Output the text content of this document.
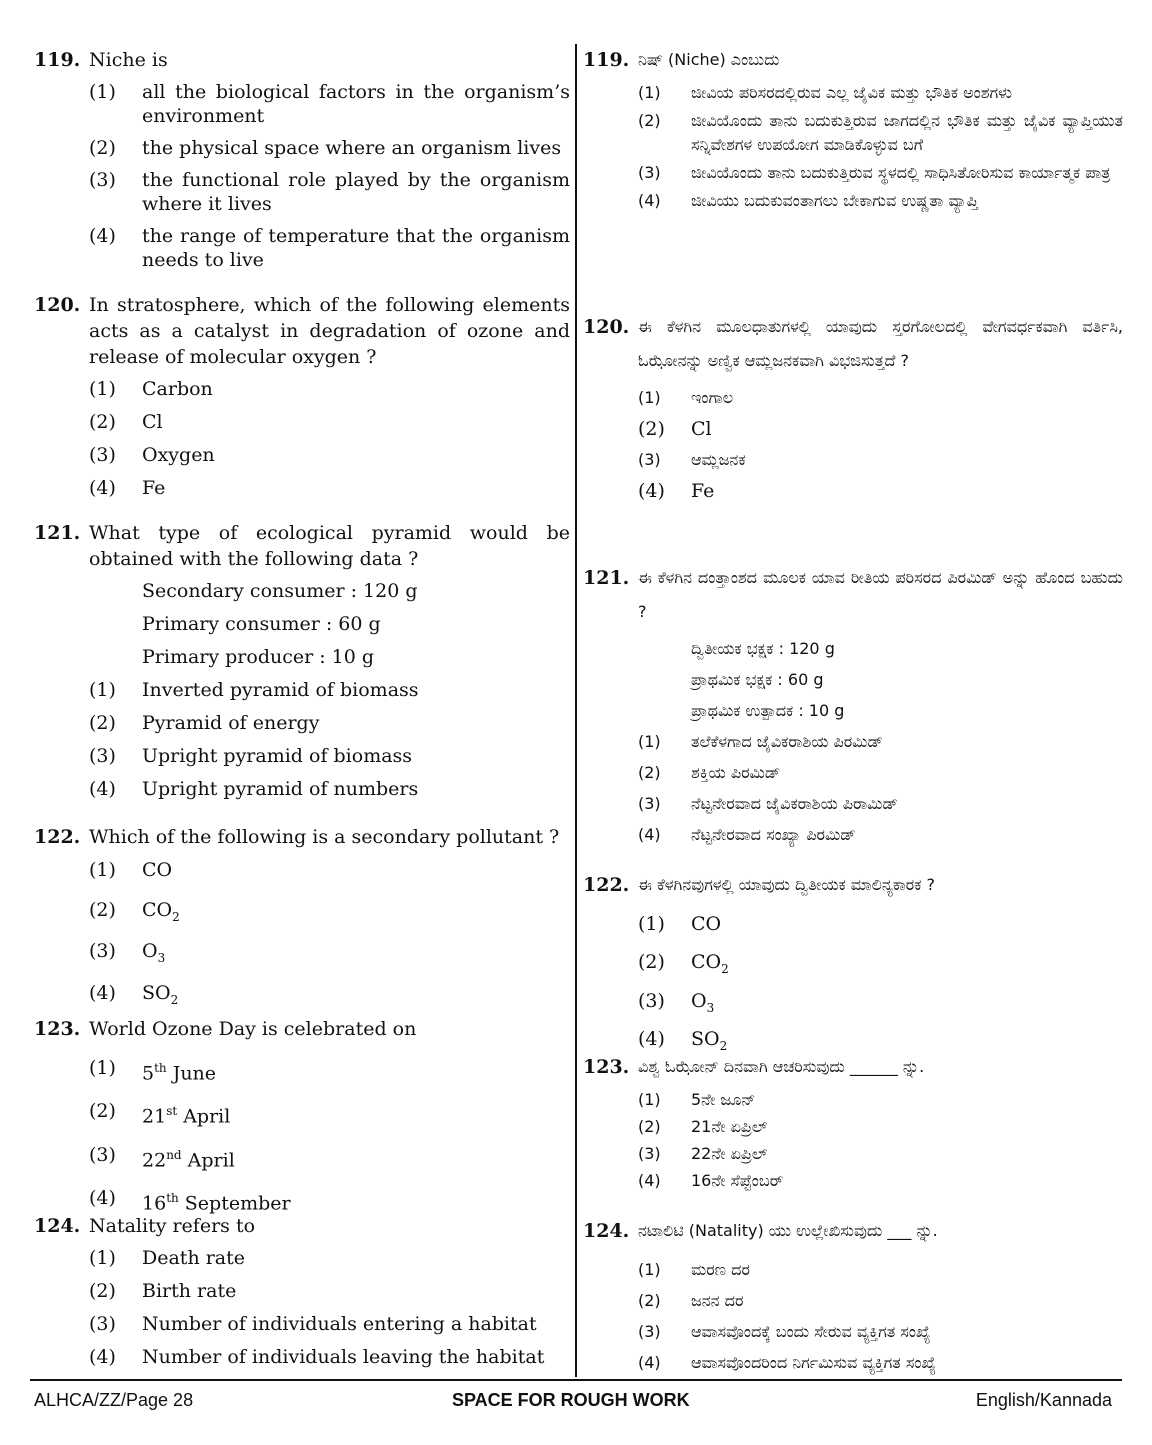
119. Niche is
(1)	all the biological factors in the organism’s environment
(2)	the physical space where an organism lives
(3)	the functional role played by the organism where it lives
(4)	the range of temperature that the organism needs to live
120. In stratosphere, which of the following elements acts as a catalyst in degradation of ozone and release of molecular oxygen ?
(1)	Carbon
(2)	Cl
(3)	Oxygen
(4)	Fe
121. What type of ecological pyramid would be obtained with the following data ?
Secondary consumer : 120 g
Primary consumer : 60 g
Primary producer : 10 g
(1)	Inverted pyramid of biomass
(2)	Pyramid of energy
(3)	Upright pyramid of biomass
(4)	Upright pyramid of numbers
122. Which of the following is a secondary pollutant ?
(1)	CO
(2)	$CO_2$
(3)	$O_3$
(4)	$SO_2$
123. World Ozone Day is celebrated on
(1)	5th June
(2)	21st April
(3)	22nd April
(4)	16th September
124. Natality refers to
(1)	Death rate
(2)	Birth rate
(3)	Number of individuals entering a habitat
(4)	Number of individuals leaving the habitat
119. ನಿಷ್ (Niche) ಎಂಬುದು
(1)	ಜೀವಿಯ ಪರಿಸರದಲ್ಲಿರುವ ಎಲ್ಲ ಜೈವಿಕ ಮತ್ತು ಭೌತಿಕ ಅಂಶಗಳು
(2)	ಜೀವಿಯೊಂದು ತಾನು ಬದುಕುತ್ತಿರುವ ಜಾಗದಲ್ಲಿನ ಭೌತಿಕ ಮತ್ತು ಜೈವಿಕ ವ್ಯಾಪ್ತಿಯುತ ಸನ್ನಿವೇಶಗಳ ಉಪಯೋಗ ಮಾಡಿಕೊಳ್ಳುವ ಬಗೆ
(3)	ಜೀವಿಯೊಂದು ತಾನು ಬದುಕುತ್ತಿರುವ ಸ್ಥಳದಲ್ಲಿ ಸಾಧಿಸಿತೋರಿಸುವ ಕಾರ್ಯಾತ್ಮಕ ಪಾತ್ರ
(4)	ಜೀವಿಯು ಬದುಕುವಂತಾಗಲು ಬೇಕಾಗುವ ಉಷ್ಣತಾ ವ್ಯಾಪ್ತಿ
120. ಈ ಕೆಳಗಿನ ಮೂಲಧಾತುಗಳಲ್ಲಿ ಯಾವುದು ಸ್ತರಗೋಲದಲ್ಲಿ ವೇಗವರ್ಧಕವಾಗಿ ವರ್ತಿಸಿ, ಓಝೋನನ್ನು ಅಣ್ವಿಕ ಆಮ್ಲಜನಕವಾಗಿ ವಿಭಜಿಸುತ್ತದೆ ?
(1)	ಇಂಗಾಲ
(2)	Cl
(3)	ಆಮ್ಲಜನಕ
(4)	Fe
121. ಈ ಕೆಳಗಿನ ದಂತ್ತಾಂಶದ ಮೂಲಕ ಯಾವ ರೀತಿಯ ಪರಿಸರದ ಪಿರಮಿಡ್ ಅನ್ನು ಹೊಂದ ಬಹುದು ?
ದ್ವಿತೀಯಕ ಭಕ್ಷಕ : 120 g
ಪ್ರಾಥಮಿಕ ಭಕ್ಷಕ : 60 g
ಪ್ರಾಥಮಿಕ ಉತ್ಪಾದಕ : 10 g
(1)	ತಲೆಕೆಳಗಾದ ಜೈವಿಕರಾಶಿಯ ಪಿರಮಿಡ್
(2)	ಶಕ್ತಿಯ ಪಿರಮಿಡ್
(3)	ನೆಟ್ಟನೇರವಾದ ಜೈವಿಕರಾಶಿಯ ಪಿರಾಮಿಡ್
(4)	ನೆಟ್ಟನೇರವಾದ ಸಂಖ್ಯಾ ಪಿರಮಿಡ್
122. ಈ ಕೆಳಗಿನವುಗಳಲ್ಲಿ ಯಾವುದು ದ್ವಿತೀಯಕ ಮಾಲಿನ್ಯಕಾರಕ ?
(1)	CO
(2)	$CO_2$
(3)	$O_3$
(4)	$SO_2$
123. ವಿಶ್ವ ಓಝೋನ್ ದಿನವಾಗಿ ಆಚರಿಸುವುದು ______ ನ್ನು.
(1)	5ನೇ ಜೂನ್
(2)	21ನೇ ಏಪ್ರಿಲ್
(3)	22ನೇ ಏಪ್ರಿಲ್
(4)	16ನೇ ಸೆಪ್ಟೆಂಬರ್
124. ನಟಾಲಿಟಿ (Natality) ಯು ಉಲ್ಲೇಖಿಸುವುದು ___ ನ್ನು.
(1)	ಮರಣ ದರ
(2)	ಜನನ ದರ
(3)	ಆವಾಸವೊಂದಕ್ಕೆ ಬಂದು ಸೇರುವ ವ್ಯಕ್ತಿಗತ ಸಂಖ್ಯೆ
(4)	ಆವಾಸವೊಂದರಿಂದ ನಿರ್ಗಮಿಸುವ ವ್ಯಕ್ತಿಗತ ಸಂಖ್ಯೆ
ALHCA/ZZ/Page 28	SPACE FOR ROUGH WORK	English/Kannada
